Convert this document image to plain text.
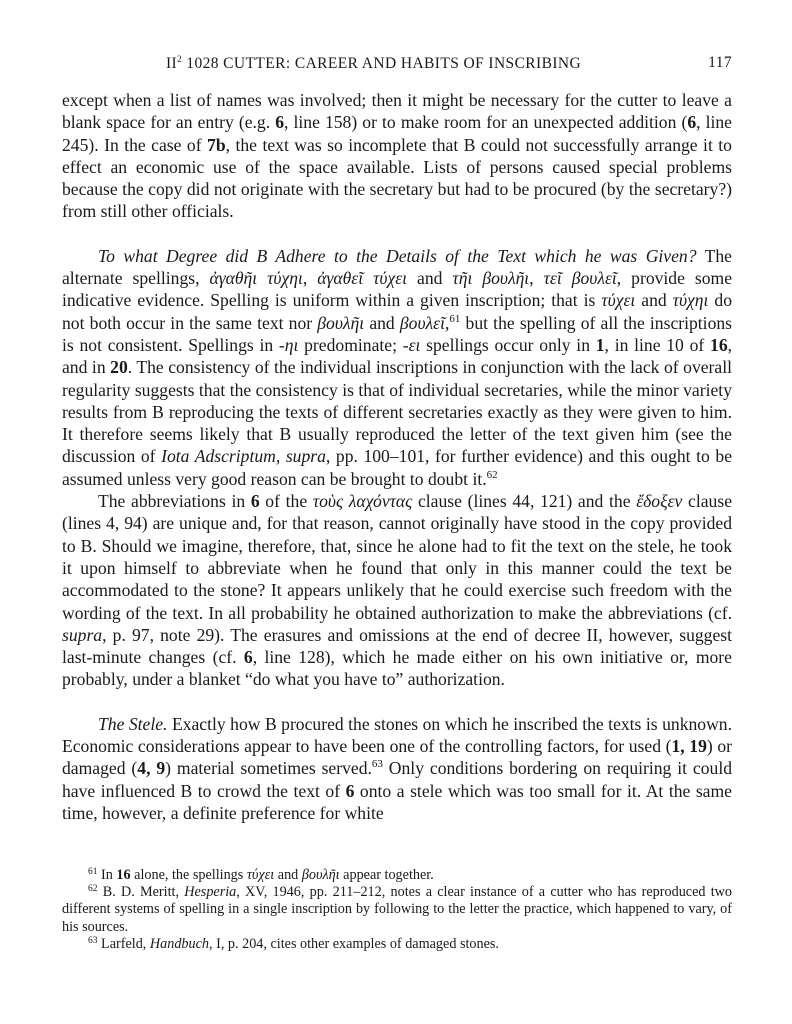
$II^2$ 1028 CUTTER: CAREER AND HABITS OF INSCRIBING	117

except when a list of names was involved; then it might be necessary for the cutter to leave a blank space for an entry (e.g. 6, line 158) or to make room for an unexpected addition (6, line 245). In the case of 7b, the text was so incomplete that B could not successfully arrange it to effect an economic use of the space available. Lists of persons caused special problems because the copy did not originate with the secretary but had to be procured (by the secretary?) from still other officials.

To what Degree did B Adhere to the Details of the Text which he was Given? The alternate spellings, ἀγαθῆι τύχηι, ἀγαθεῖ τύχει and τῆι βουλῆι, τεῖ βουλεῖ, provide some indicative evidence. Spelling is uniform within a given inscription; that is τύχει and τύχηι do not both occur in the same text nor βουλῆι and βουλεῖ,$^{61}$ but the spelling of all the inscriptions is not consistent. Spellings in -ηι predominate; -ει spellings occur only in 1, in line 10 of 16, and in 20. The consistency of the individual inscriptions in conjunction with the lack of overall regularity suggests that the consistency is that of individual secretaries, while the minor variety results from B reproducing the texts of different secretaries exactly as they were given to him. It therefore seems likely that B usually reproduced the letter of the text given him (see the discussion of Iota Adscriptum, supra, pp. 100–101, for further evidence) and this ought to be assumed unless very good reason can be brought to doubt it.$^{62}$

The abbreviations in 6 of the τοὺς λαχόντας clause (lines 44, 121) and the ἔδοξεν clause (lines 4, 94) are unique and, for that reason, cannot originally have stood in the copy provided to B. Should we imagine, therefore, that, since he alone had to fit the text on the stele, he took it upon himself to abbreviate when he found that only in this manner could the text be accommodated to the stone? It appears unlikely that he could exercise such freedom with the wording of the text. In all probability he obtained authorization to make the abbreviations (cf. supra, p. 97, note 29). The erasures and omissions at the end of decree II, however, suggest last-minute changes (cf. 6, line 128), which he made either on his own initiative or, more probably, under a blanket “do what you have to” authorization.

The Stele. Exactly how B procured the stones on which he inscribed the texts is unknown. Economic considerations appear to have been one of the controlling factors, for used (1, 19) or damaged (4, 9) material sometimes served.$^{63}$ Only conditions bordering on requiring it could have influenced B to crowd the text of 6 onto a stele which was too small for it. At the same time, however, a definite preference for white

$^{61}$ In 16 alone, the spellings τύχει and βουλῆι appear together.

$^{62}$ B. D. Meritt, Hesperia, XV, 1946, pp. 211–212, notes a clear instance of a cutter who has reproduced two different systems of spelling in a single inscription by following to the letter the practice, which happened to vary, of his sources.

$^{63}$ Larfeld, Handbuch, I, p. 204, cites other examples of damaged stones.
